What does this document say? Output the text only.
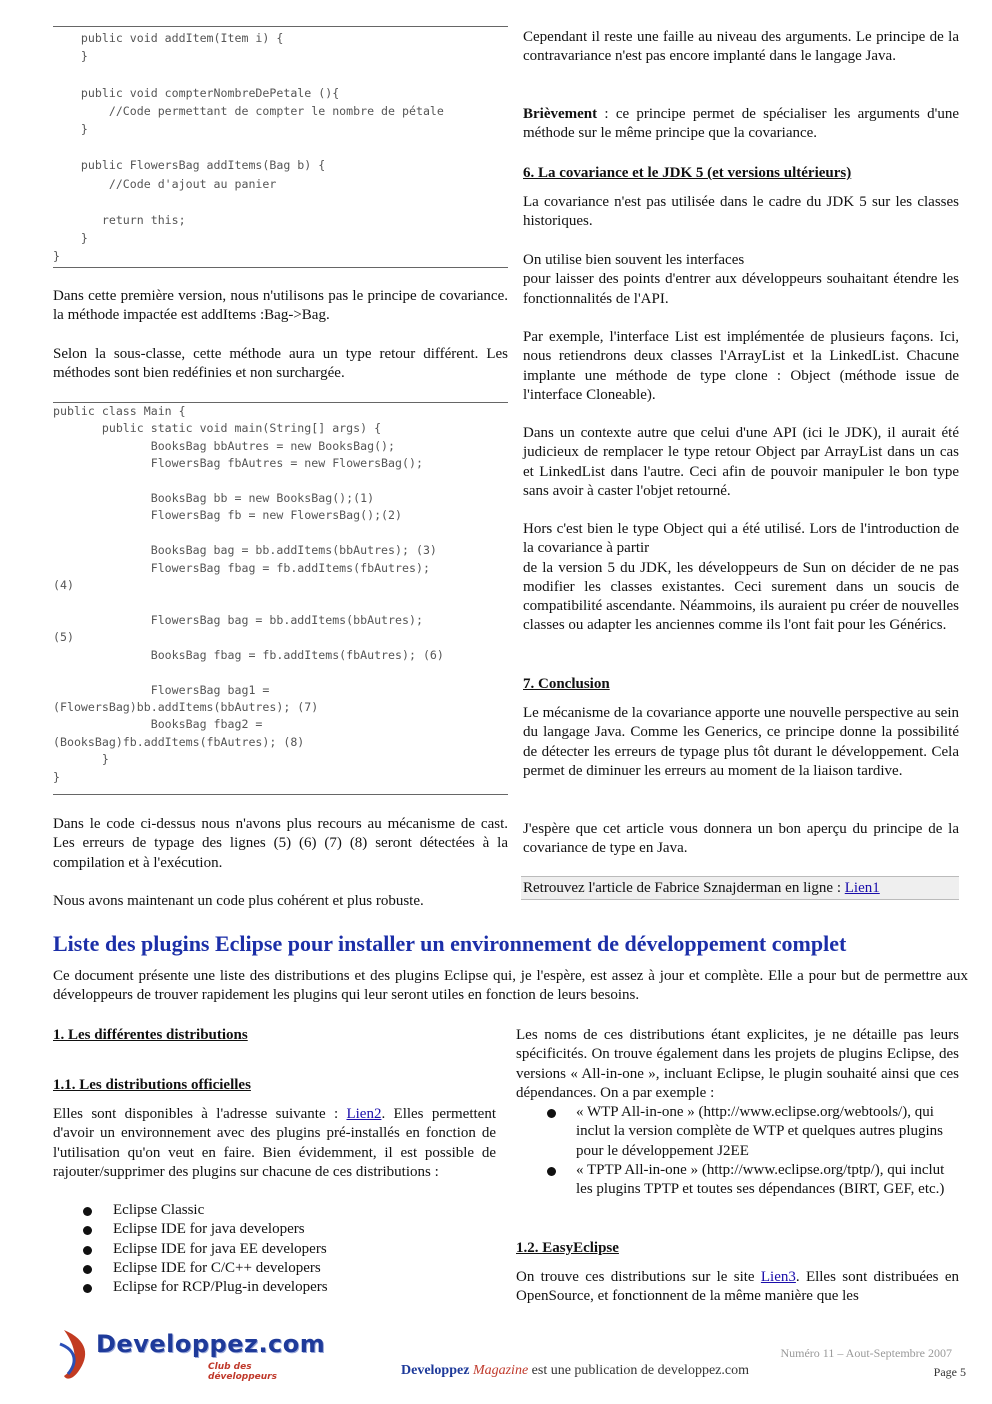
public void addItem(Item i) {
}

public void compterNombreDePetale (){
//Code permettant de compter le nombre de pétale
}

public FlowersBag addItems(Bag b) {
//Code d'ajout au panier

return this;
}
}

Dans cette première version, nous n'utilisons pas le principe de covariance. la méthode impactée est addItems :Bag->Bag.

Selon la sous-classe, cette méthode aura un type retour différent. Les méthodes sont bien redéfinies et non surchargée.

public class Main {
public static void main(String[] args) {
BooksBag bbAutres = new BooksBag();
FlowersBag fbAutres = new FlowersBag();

BooksBag bb = new BooksBag();(1)
FlowersBag fb = new FlowersBag();(2)

BooksBag bag = bb.addItems(bbAutres); (3)
FlowersBag fbag = fb.addItems(fbAutres);
(4)

FlowersBag bag = bb.addItems(bbAutres);
(5)
BooksBag fbag = fb.addItems(fbAutres); (6)

FlowersBag bag1 =
(FlowersBag)bb.addItems(bbAutres); (7)
BooksBag fbag2 =
(BooksBag)fb.addItems(fbAutres); (8)
}
}

Dans le code ci-dessus nous n'avons plus recours au mécanisme de cast. Les erreurs de typage des lignes (5) (6) (7) (8) seront détectées à la compilation et à l'exécution.

Nous avons maintenant un code plus cohérent et plus robuste.

Cependant il reste une faille au niveau des arguments. Le principe de la contravariance n'est pas encore implanté dans le langage Java.

Brièvement : ce principe permet de spécialiser les arguments d'une méthode sur le même principe que la covariance.

6. La covariance et le JDK 5 (et versions ultérieurs)

La covariance n'est pas utilisée dans le cadre du JDK 5 sur les classes historiques.

On utilise bien souvent les interfaces

pour laisser des points d'entrer aux développeurs souhaitant étendre les fonctionnalités de l'API.

Par exemple, l'interface List est implémentée de plusieurs façons. Ici, nous retiendrons deux classes l'ArrayList et la LinkedList. Chacune implante une méthode de type clone : Object (méthode issue de l'interface Cloneable).

Dans un contexte autre que celui d'une API (ici le JDK), il aurait été judicieux de remplacer le type retour Object par ArrayList dans un cas et LinkedList dans l'autre. Ceci afin de pouvoir manipuler le bon type sans avoir à caster l'objet retourné.

Hors c'est bien le type Object qui a été utilisé. Lors de l'introduction de la covariance à partir

de la version 5 du JDK, les développeurs de Sun on décider de ne pas modifier les classes existantes. Ceci surement dans un soucis de compatibilité ascendante. Néammoins, ils auraient pu créer de nouvelles classes ou adapter les anciennes comme ils l'ont fait pour les Générics.

7. Conclusion

Le mécanisme de la covariance apporte une nouvelle perspective au sein du langage Java. Comme les Generics, ce principe donne la possibilité de détecter les erreurs de typage plus tôt durant le développement. Cela permet de diminuer les erreurs au moment de la liaison tardive.

J'espère que cet article vous donnera un bon aperçu du principe de la covariance de type en Java.

Retrouvez l'article de Fabrice Sznajderman en ligne : Lien1
Liste des plugins Eclipse pour installer un environnement de développement complet

Ce document présente une liste des distributions et des plugins Eclipse qui, je l'espère, est assez à jour et complète. Elle a pour but de permettre aux développeurs de trouver rapidement les plugins qui leur seront utiles en fonction de leurs besoins.

1. Les différentes distributions

1.1. Les distributions officielles

Elles sont disponibles à l'adresse suivante : Lien2. Elles permettent d'avoir un environnement avec des plugins pré-installés en fonction de l'utilisation qu'on veut en faire. Bien évidemment, il est possible de rajouter/supprimer des plugins sur chacune de ces distributions :

Eclipse Classic
Eclipse IDE for java developers
Eclipse IDE for java EE developers
Eclipse IDE for C/C++ developers
Eclipse for RCP/Plug-in developers

Les noms de ces distributions étant explicites, je ne détaille pas leurs spécificités. On trouve également dans les projets de plugins Eclipse, des versions « All-in-one », incluant Eclipse, le plugin souhaité ainsi que ces dépendances. On a par exemple :

« WTP All-in-one » (http://www.eclipse.org/webtools/), qui inclut la version complète de WTP et quelques autres plugins pour le développement J2EE
« TPTP All-in-one » (http://www.eclipse.org/tptp/), qui inclut les plugins TPTP et toutes ses dépendances (BIRT, GEF, etc.)

1.2. EasyEclipse

On trouve ces distributions sur le site Lien3. Elles sont distribuées en OpenSource, et fonctionnent de la même manière que les

Developpez.com
Club des développeurs
Numéro 11 – Aout-Septembre 2007
Developpez Magazine est une publication de developpez.com	Page 5
